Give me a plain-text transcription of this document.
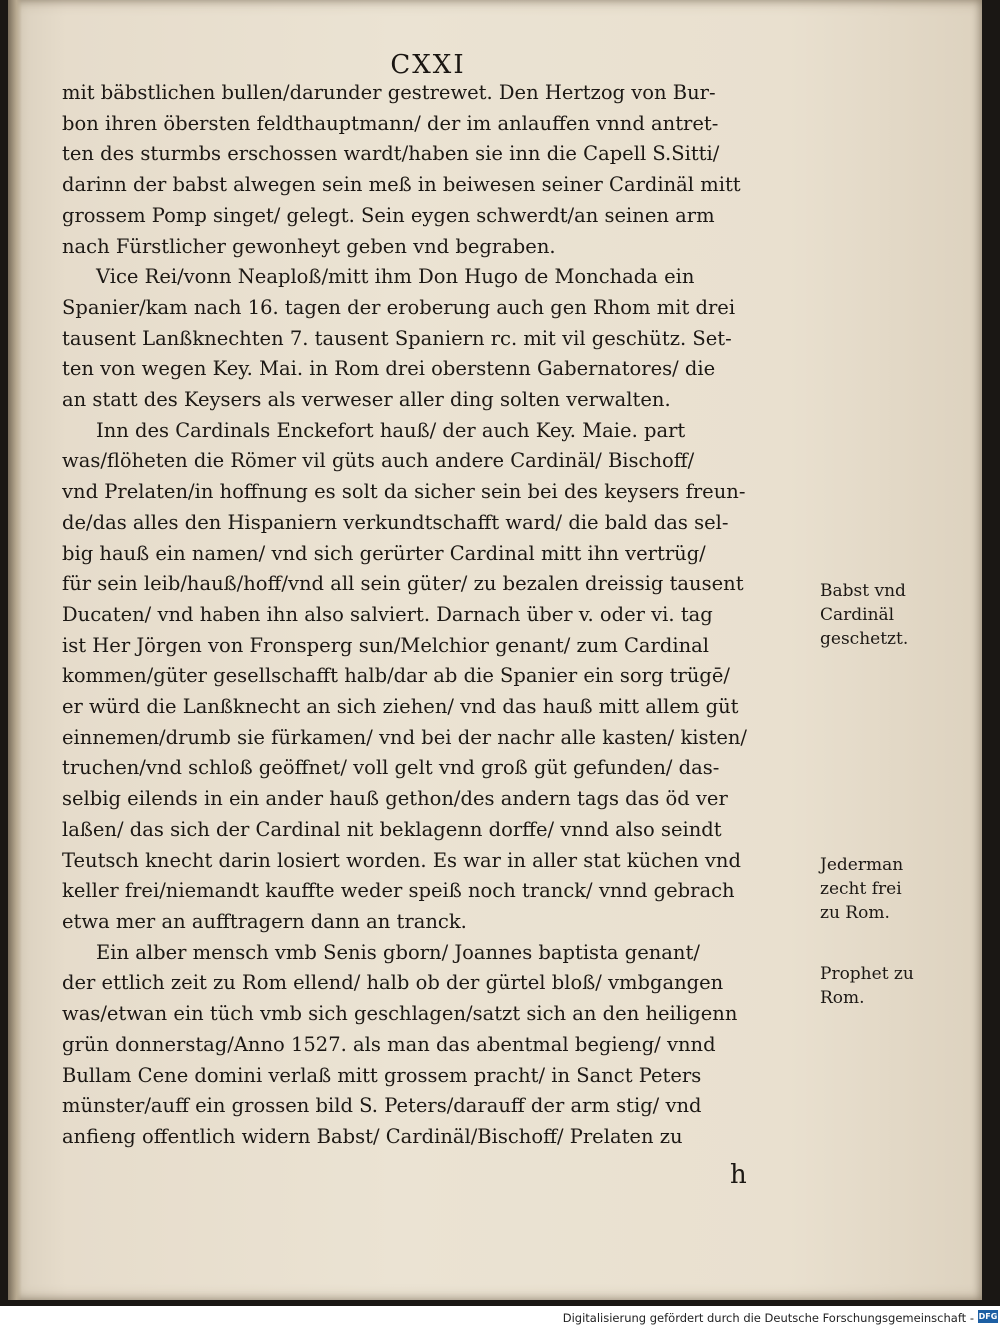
CXXI
mit bäbstlichen bullen/darunder gestrewet. Den Hertzog von Bur-
bon ihren öbersten feldthauptmann/ der im anlauffen vnnd antret-
ten des sturmbs erschossen wardt/haben sie inn die Capell S.Sitti/
darinn der babst alwegen sein meß in beiwesen seiner Cardinäl mitt
grossem Pomp singet/ gelegt. Sein eygen schwerdt/an seinen arm
nach Fürstlicher gewonheyt geben vnd begraben.
Vice Rei/vonn Neaploß/mitt ihm Don Hugo de Monchada ein
Spanier/kam nach 16. tagen der eroberung auch gen Rhom mit drei
tausent Lanßknechten 7. tausent Spaniern rc. mit vil geschütz. Set-
ten von wegen Key. Mai. in Rom drei oberstenn Gabernatores/ die
an statt des Keysers als verweser aller ding solten verwalten.
Inn des Cardinals Enckefort hauß/ der auch Key. Maie. part
was/flöheten die Römer vil güts auch andere Cardinäl/ Bischoff/
vnd Prelaten/in hoffnung es solt da sicher sein bei des keysers freun-
de/das alles den Hispaniern verkundtschafft ward/ die bald das sel-
big hauß ein namen/ vnd sich gerürter Cardinal mitt ihn vertrüg/
für sein leib/hauß/hoff/vnd all sein güter/ zu bezalen dreissig tausent
Ducaten/ vnd haben ihn also salviert. Darnach über v. oder vi. tag
ist Her Jörgen von Fronsperg sun/Melchior genant/ zum Cardinal
kommen/güter gesellschafft halb/dar ab die Spanier ein sorg trügē/
er würd die Lanßknecht an sich ziehen/ vnd das hauß mitt allem güt
einnemen/drumb sie fürkamen/ vnd bei der nachr alle kasten/ kisten/
truchen/vnd schloß geöffnet/ voll gelt vnd groß güt gefunden/ das-
selbig eilends in ein ander hauß gethon/des andern tags das öd ver
laßen/ das sich der Cardinal nit beklagenn dorffe/ vnnd also seindt
Teutsch knecht darin losiert worden. Es war in aller stat küchen vnd
keller frei/niemandt kauffte weder speiß noch tranck/ vnnd gebrach
etwa mer an aufftragern dann an tranck.
Ein alber mensch vmb Senis gborn/ Joannes baptista genant/
der ettlich zeit zu Rom ellend/ halb ob der gürtel bloß/ vmbgangen
was/etwan ein tüch vmb sich geschlagen/satzt sich an den heiligenn
grün donnerstag/Anno 1527. als man das abentmal begieng/ vnnd
Bullam Cene domini verlaß mitt grossem pracht/ in Sanct Peters
münster/auff ein grossen bild S. Peters/darauff der arm stig/ vnd
anfieng offentlich widern Babst/ Cardinäl/Bischoff/ Prelaten zu
Babst vnd
Cardinäl
geschetzt.
Jederman
zecht frei
zu Rom.
Prophet zu
Rom.
h
Digitalisierung gefördert durch die Deutsche Forschungsgemeinschaft - DFG
